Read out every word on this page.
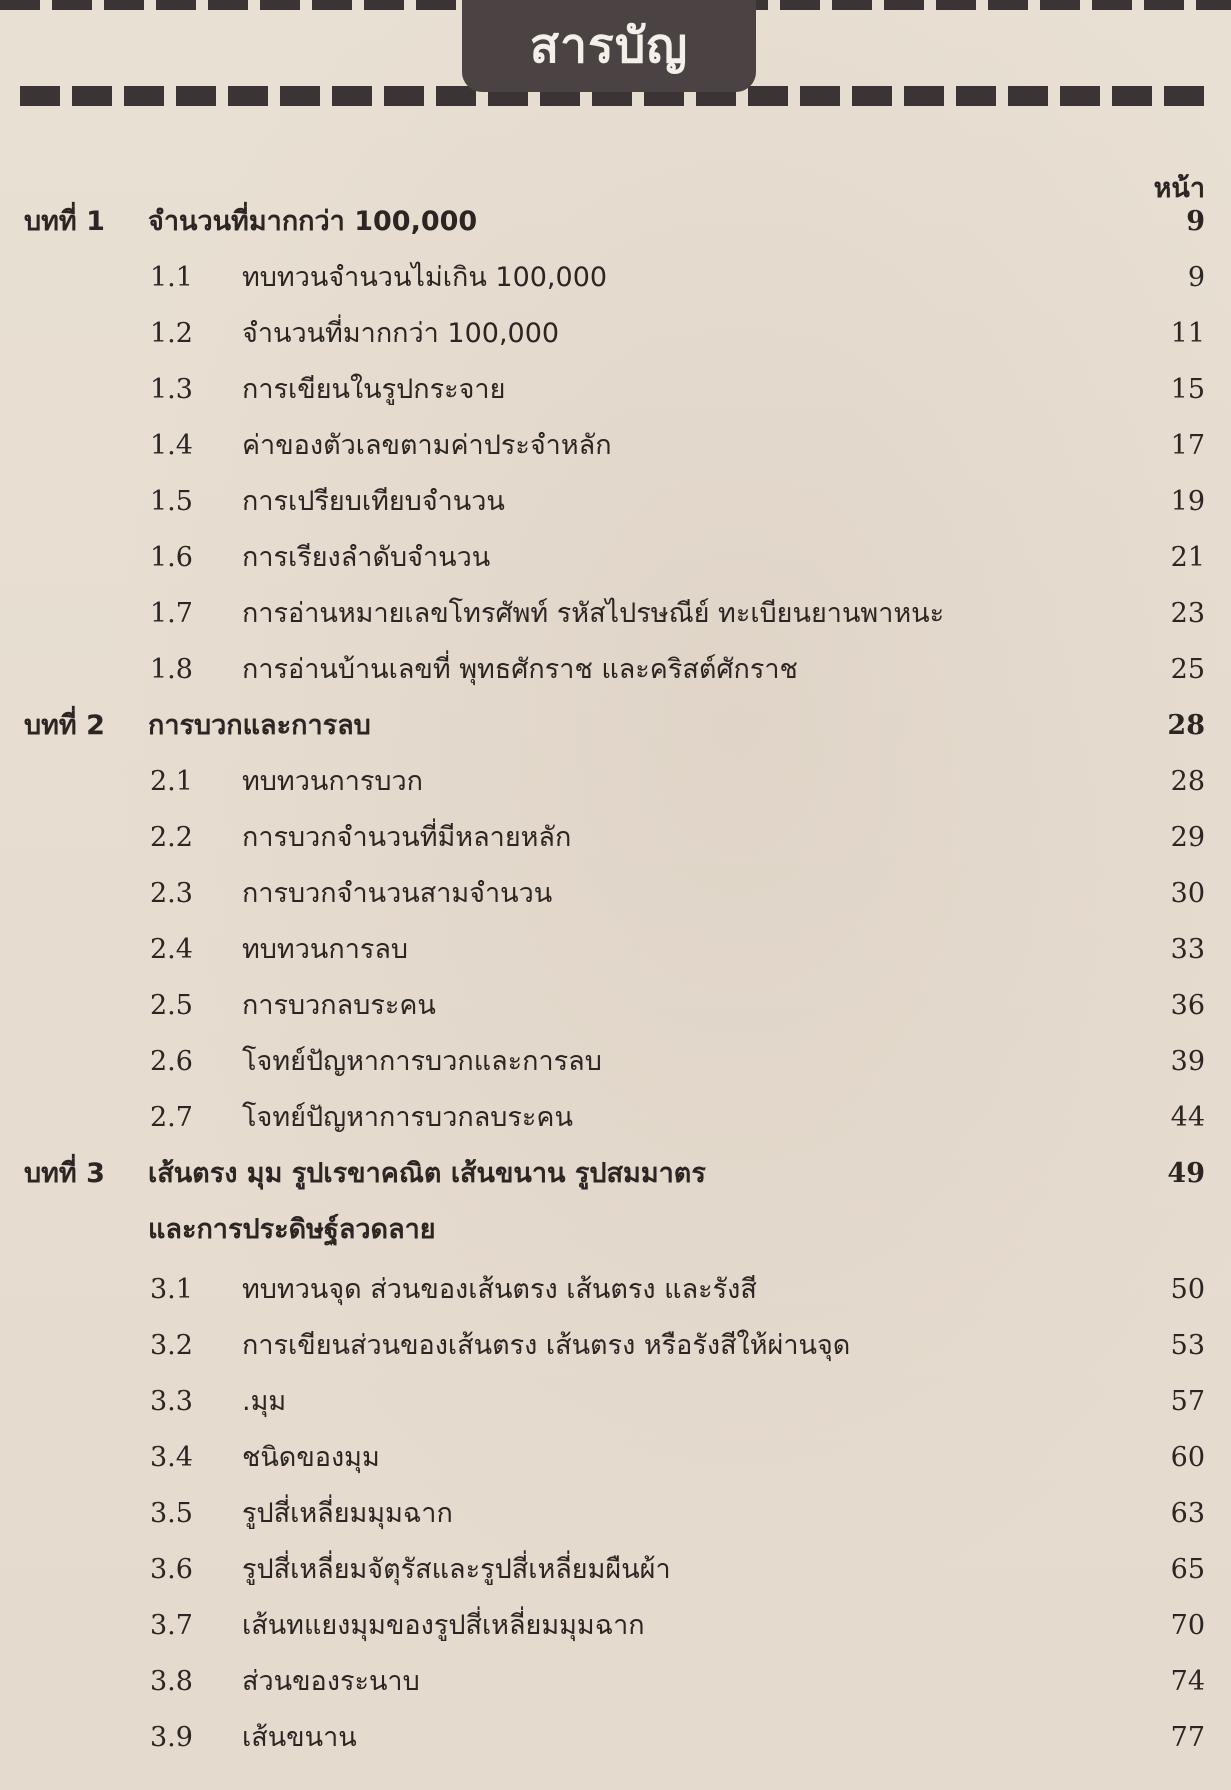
สารบัญ
หน้า
บทที่ 1 จำนวนที่มากกว่า 100,000	9
1.1 ทบทวนจำนวนไม่เกิน 100,000	9
1.2 จำนวนที่มากกว่า 100,000	11
1.3 การเขียนในรูปกระจาย	15
1.4 ค่าของตัวเลขตามค่าประจำหลัก	17
1.5 การเปรียบเทียบจำนวน	19
1.6 การเรียงลำดับจำนวน	21
1.7 การอ่านหมายเลขโทรศัพท์ รหัสไปรษณีย์ ทะเบียนยานพาหนะ	23
1.8 การอ่านบ้านเลขที่ พุทธศักราช และคริสต์ศักราช	25
บทที่ 2 การบวกและการลบ	28
2.1 ทบทวนการบวก	28
2.2 การบวกจำนวนที่มีหลายหลัก	29
2.3 การบวกจำนวนสามจำนวน	30
2.4 ทบทวนการลบ	33
2.5 การบวกลบระคน	36
2.6 โจทย์ปัญหาการบวกและการลบ	39
2.7 โจทย์ปัญหาการบวกลบระคน	44
บทที่ 3 เส้นตรง มุม รูปเรขาคณิต เส้นขนาน รูปสมมาตร	49
และการประดิษฐ์ลวดลาย
3.1 ทบทวนจุด ส่วนของเส้นตรง เส้นตรง และรังสี	50
3.2 การเขียนส่วนของเส้นตรง เส้นตรง หรือรังสีให้ผ่านจุด	53
3.3 .มุม	57
3.4 ชนิดของมุม	60
3.5 รูปสี่เหลี่ยมมุมฉาก	63
3.6 รูปสี่เหลี่ยมจัตุรัสและรูปสี่เหลี่ยมผืนผ้า	65
3.7 เส้นทแยงมุมของรูปสี่เหลี่ยมมุมฉาก	70
3.8 ส่วนของระนาบ	74
3.9 เส้นขนาน	77
